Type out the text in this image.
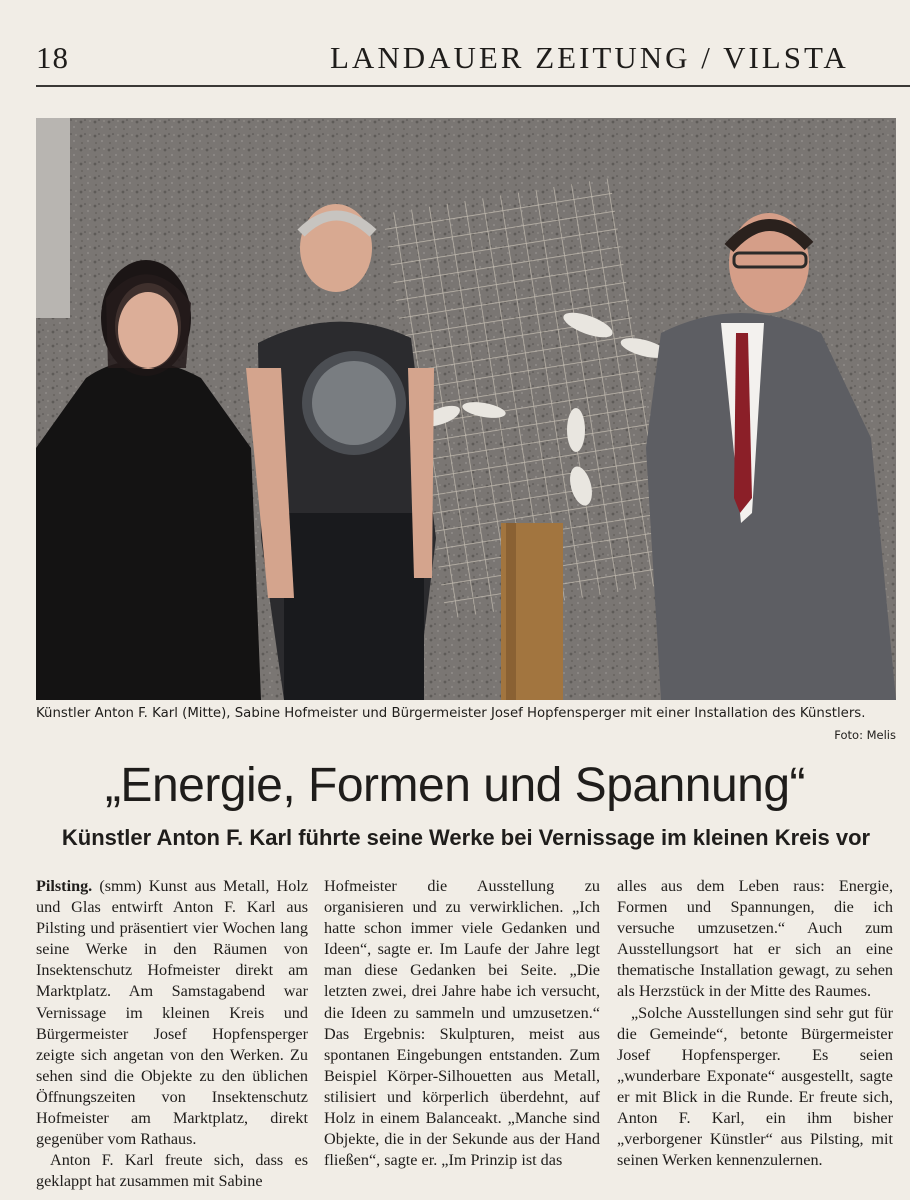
18	LANDAUER ZEITUNG / VILSTA
Künstler Anton F. Karl (Mitte), Sabine Hofmeister und Bürgermeister Josef Hopfensperger mit einer Installation des Künstlers.
Foto: Melis
„Energie, Formen und Spannung“
Künstler Anton F. Karl führte seine Werke bei Vernissage im kleinen Kreis vor

Pilsting. (smm) Kunst aus Metall, Holz und Glas entwirft Anton F. Karl aus Pilsting und präsentiert vier Wochen lang seine Werke in den Räumen von Insektenschutz Hofmeister direkt am Marktplatz. Am Samstagabend war Vernissage im kleinen Kreis und Bürgermeister Josef Hopfensperger zeigte sich angetan von den Werken. Zu sehen sind die Objekte zu den üblichen Öffnungszeiten von Insektenschutz Hofmeister am Marktplatz, direkt gegenüber vom Rathaus.

Anton F. Karl freute sich, dass es geklappt hat zusammen mit Sabine

Hofmeister die Ausstellung zu organisieren und zu verwirklichen. „Ich hatte schon immer viele Gedanken und Ideen“, sagte er. Im Laufe der Jahre legt man diese Gedanken bei Seite. „Die letzten zwei, drei Jahre habe ich versucht, die Ideen zu sammeln und umzusetzen.“ Das Ergebnis: Skulpturen, meist aus spontanen Eingebungen entstanden. Zum Beispiel Körper-Silhouetten aus Metall, stilisiert und körperlich überdehnt, auf Holz in einem Balanceakt. „Manche sind Objekte, die in der Sekunde aus der Hand fließen“, sagte er. „Im Prinzip ist das

alles aus dem Leben raus: Energie, Formen und Spannungen, die ich versuche umzusetzen.“ Auch zum Ausstellungsort hat er sich an eine thematische Installation gewagt, zu sehen als Herzstück in der Mitte des Raumes.

„Solche Ausstellungen sind sehr gut für die Gemeinde“, betonte Bürgermeister Josef Hopfensperger. Es seien „wunderbare Exponate“ ausgestellt, sagte er mit Blick in die Runde. Er freute sich, Anton F. Karl, ein ihm bisher „verborgener Künstler“ aus Pilsting, mit seinen Werken kennenzulernen.
